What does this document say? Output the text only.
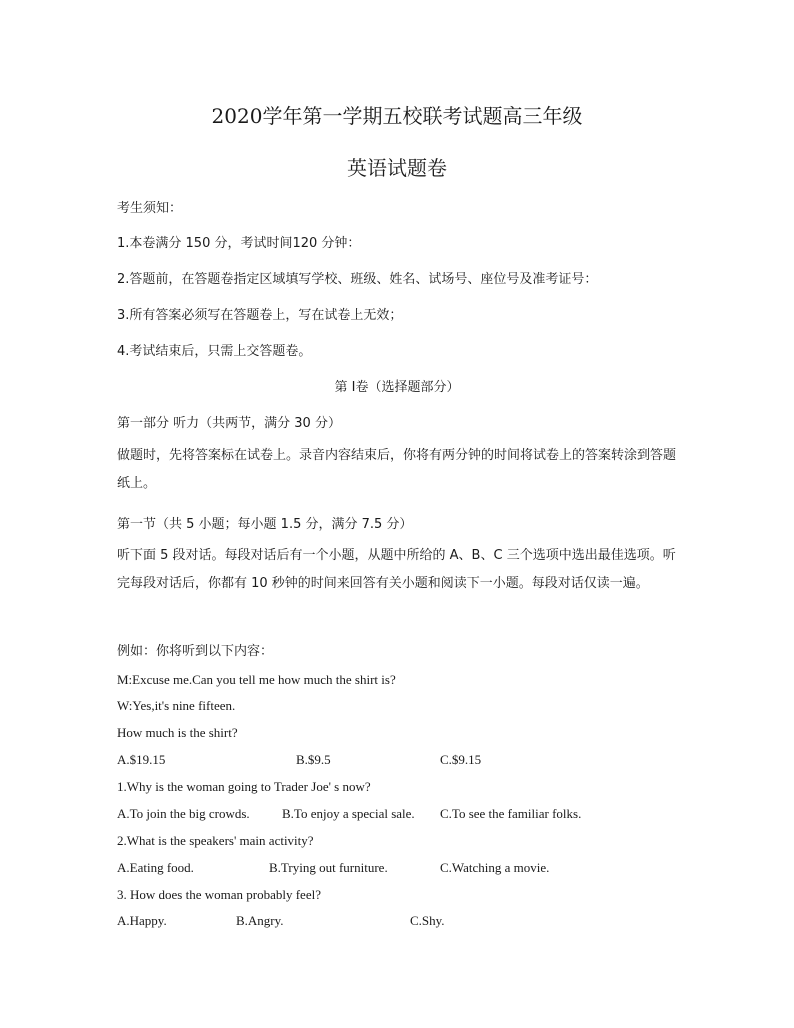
2020学年第一学期五校联考试题高三年级
英语试题卷
考生须知：
1.本卷满分 150 分，考试时间120 分钟：
2.答题前，在答题卷指定区域填写学校、班级、姓名、试场号、座位号及准考证号：
3.所有答案必须写在答题卷上，写在试卷上无效；
4.考试结束后，只需上交答题卷。
第 I卷（选择题部分）
第一部分 听力（共两节，满分 30 分）
做题时，先将答案标在试卷上。录音内容结束后，你将有两分钟的时间将试卷上的答案转涂到答题纸上。
第一节（共 5 小题；每小题 1.5 分，满分 7.5 分）
听下面 5 段对话。每段对话后有一个小题，从题中所给的 A、B、C 三个选项中选出最佳选项。听完每段对话后，你都有 10 秒钟的时间来回答有关小题和阅读下一小题。每段对话仅读一遍。
例如：你将听到以下内容：
M:Excuse me.Can you tell me how much the shirt is?
W:Yes,it's nine fifteen.
How much is the shirt?
A.$19.15	B.$9.5	C.$9.15
1.Why is the woman going to Trader Joe' s now?
A.To join the big crowds. B.To enjoy a special sale. C.To see the familiar folks.
2.What is the speakers' main activity?
A.Eating food.	B.Trying out furniture.	C.Watching a movie.
3. How does the woman probably feel?
A.Happy.	B.Angry.	C.Shy.
